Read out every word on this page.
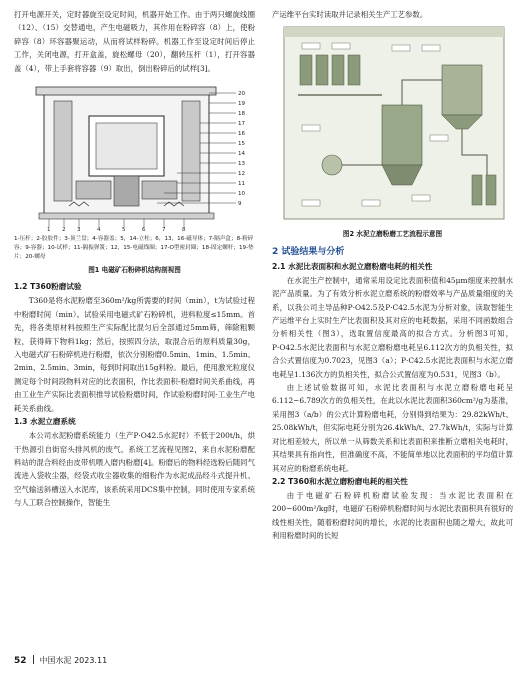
打开电源开关，定时器旋至设定时间，机器开始工作。由于两只螺旋线圈（12）、（15）交替通电，产生电磁吸力，其作用在粉碎容（8）上，使粉碎容（8）环容器聚运动，从而将试样粉碎。机器工作至设定时间后停止工作，关闭电源，打开盒盖，旋松螺母（20），翻转压杆（1），打开容器盖（4），带上手套将容器（9）取出，倒出粉碎后的试样[3]。

20
19
18
17
16
15
14
13
12
11
10
9
1 2 3	4	5	6	7	8
1-压杆；2-胶胶件；3-顶兰盘；4-容器盖；5，14-立柱；6，13，16-磁导体；7-隔声盒；8-粉碎容；9-容器；10-试样；11-隔振弹簧；12，15-电磁线圈；17-O型密封圈；18-固定螺杆；19-垫片；20-螺母
图1 电磁矿石粉碎机结构剖视图
1.2 T360粉磨试验

T360是将水泥粉磨至360m²/kg所需要的时间（min），t为试验过程中粉磨时间（min）。试验采用电磁式矿石粉碎机，进料粒度≤15mm。首先，将各类原材料按照生产实际配比混匀后全部通过5mm筛，筛除粗颗粒，获得筛下物料1kg；然后，按照四分法，取混合后的原料质量30g，入电磁式矿石粉碎机进行粉磨，依次分别粉磨0.5min、1min、1.5min、2min、2.5min、3min，每到时间取出15g料粉。最后，使用激光粒度仪测定每个时间段物料对应的比表面积，作比表面积-粉磨时间关系曲线，再由工业生产实际比表面积推导试验粉磨时间，作试验粉磨时间-工业生产电耗关系曲线。

1.3 水泥立磨系统

本公司水泥粉磨系统能力（生产P·O42.5水泥时）不低于200t/h，烘干热源引自街窑头排风机的废气。系统工艺流程见图2，来自水泥粉磨配料站的混合料经由皮带机喂入磨内粉磨[4]。粉磨后的物料经选粉后随同气流进入袋收尘器，经袋式收尘器收集的细粉作为水泥成品经斗式提升机、空气输送斜槽送入水泥库，该系统采用DCS集中控制，同时使用专家系统与人工联合控制操作，智能生

产运维平台实时读取并记录相关生产工艺参数。

图2 水泥立磨粉磨工艺流程示意图
2 试验结果与分析
2.1 水泥比表面积和水泥立磨粉磨电耗的相关性

在水泥生产控制中，通常采用设定比表面积值和45μm细度来控制水泥产品质量。为了有效分析水泥立磨系统的粉磨效率与产品质量细度的关系，以我公司主导品种P·O42.5及P·C42.5水泥为分析对象，读取智能生产运维平台上实时生产比表面积及其对应的电耗数据，采用不同函数组合分析相关性（图3），选取置信度最高的拟合方式。分析图3可知，P·O42.5水泥比表面积与水泥立磨粉磨电耗呈6.112次方的负相关性，拟合公式置信度为0.7023，见图3（a）；P·C42.5水泥比表面积与水泥立磨电耗呈1.136次方的负相关性，拟合公式置信度为0.531，见图3（b）。

由上述试验数据可知，水泥比表面积与水泥立磨粉磨电耗呈6.112~6.789次方的负相关性，在此以水泥比表面积360cm²/g为基准，采用图3（a/b）的公式计算粉磨电耗，分别得到结果为：29.82kWh/t、25.08kWh/t，但实际电耗分别为26.4kWh/t、27.7kWh/t，实际与计算对比相差较大，所以单一从筛数关系和比表面积来推断立磨相关电耗时，其结果具有指向性，但准确度不高，不能简单地以比表面积的平均值计算其对应的粉磨系统电耗。

2.2 T360和水泥立磨粉磨电耗的相关性

由于电磁矿石粉碎机粉磨试验发现：当水泥比表面积在200~600m²/kg时，电磁矿石粉碎机粉磨时间与水泥比表面积具有很好的线性相关性，随着粉磨时间的增长，水泥的比表面积也随之增大，故此可利用粉磨时间的长短

52 中国水泥 2023.11
